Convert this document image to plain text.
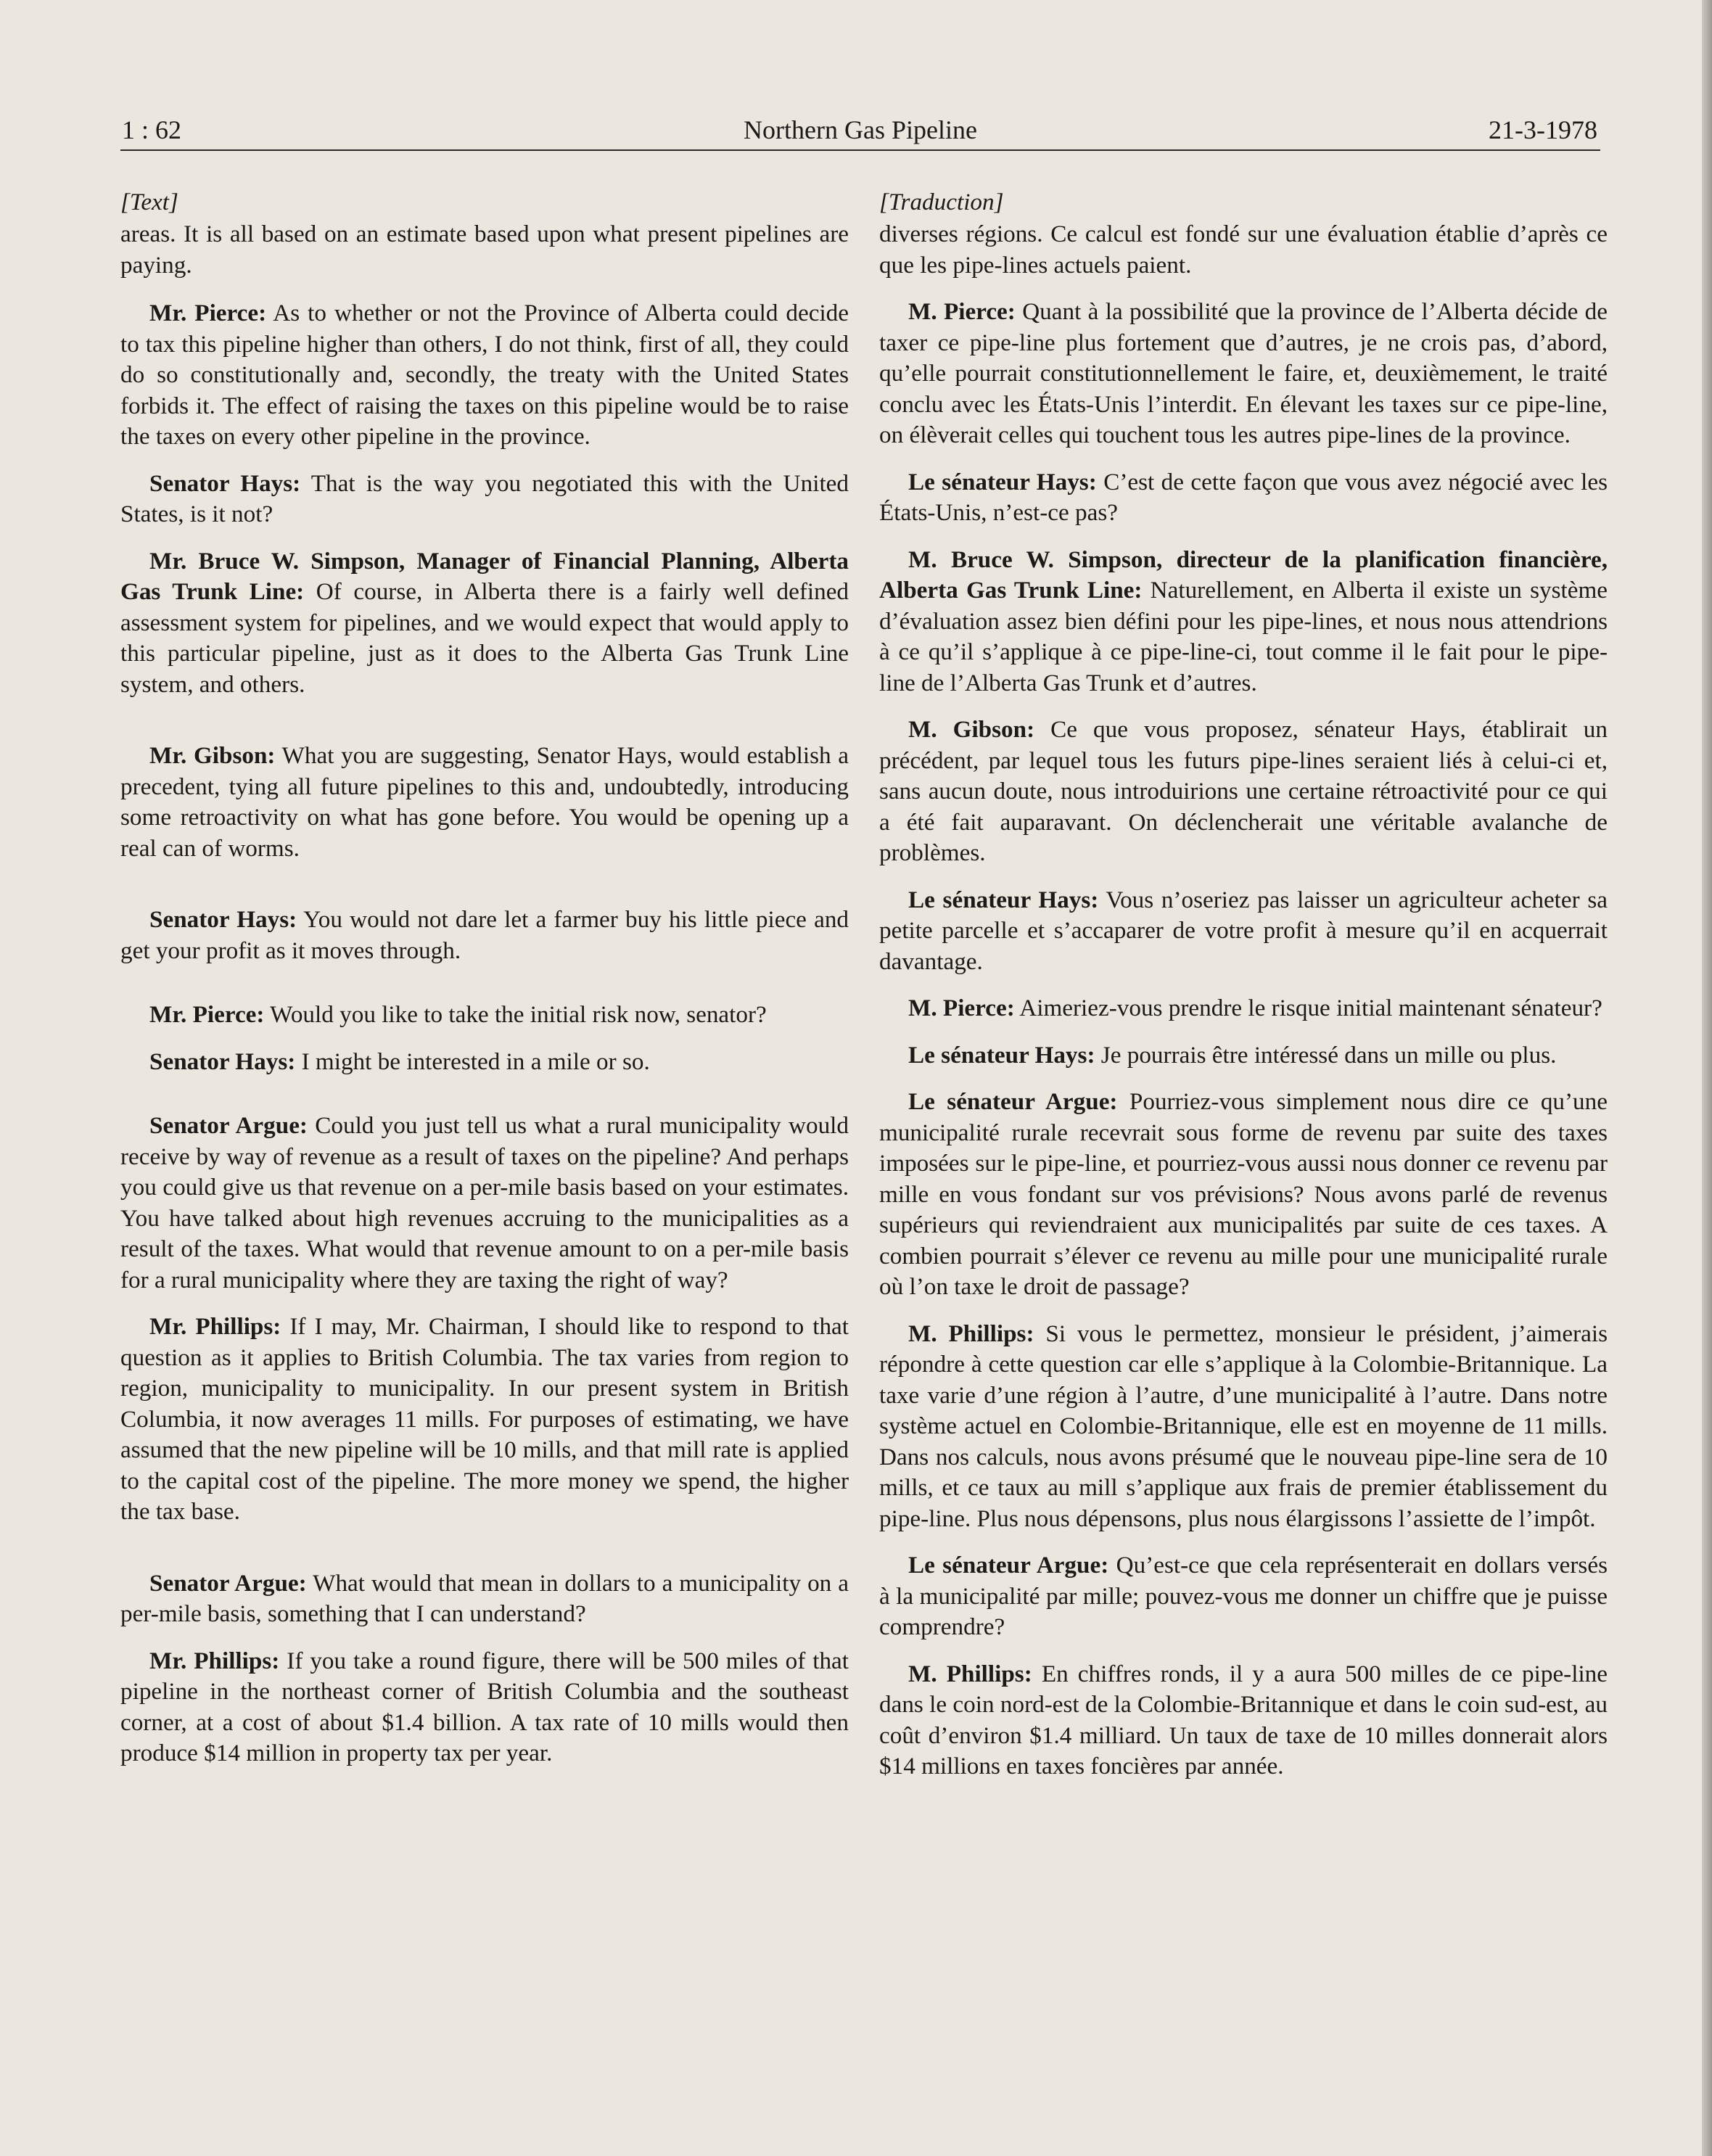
1 : 62	Northern Gas Pipeline	21-3-1978
[Text]

areas. It is all based on an estimate based upon what present pipelines are paying.

Mr. Pierce: As to whether or not the Province of Alberta could decide to tax this pipeline higher than others, I do not think, first of all, they could do so constitutionally and, secondly, the treaty with the United States forbids it. The effect of raising the taxes on this pipeline would be to raise the taxes on every other pipeline in the province.

Senator Hays: That is the way you negotiated this with the United States, is it not?

Mr. Bruce W. Simpson, Manager of Financial Planning, Alberta Gas Trunk Line: Of course, in Alberta there is a fairly well defined assessment system for pipelines, and we would expect that would apply to this particular pipeline, just as it does to the Alberta Gas Trunk Line system, and others.

Mr. Gibson: What you are suggesting, Senator Hays, would establish a precedent, tying all future pipelines to this and, undoubtedly, introducing some retroactivity on what has gone before. You would be opening up a real can of worms.

Senator Hays: You would not dare let a farmer buy his little piece and get your profit as it moves through.

Mr. Pierce: Would you like to take the initial risk now, senator?

Senator Hays: I might be interested in a mile or so.

Senator Argue: Could you just tell us what a rural municipality would receive by way of revenue as a result of taxes on the pipeline? And perhaps you could give us that revenue on a per-mile basis based on your estimates. You have talked about high revenues accruing to the municipalities as a result of the taxes. What would that revenue amount to on a per-mile basis for a rural municipality where they are taxing the right of way?

Mr. Phillips: If I may, Mr. Chairman, I should like to respond to that question as it applies to British Columbia. The tax varies from region to region, municipality to municipality. In our present system in British Columbia, it now averages 11 mills. For purposes of estimating, we have assumed that the new pipeline will be 10 mills, and that mill rate is applied to the capital cost of the pipeline. The more money we spend, the higher the tax base.

Senator Argue: What would that mean in dollars to a municipality on a per-mile basis, something that I can understand?

Mr. Phillips: If you take a round figure, there will be 500 miles of that pipeline in the northeast corner of British Columbia and the southeast corner, at a cost of about $1.4 billion. A tax rate of 10 mills would then produce $14 million in property tax per year.

[Traduction]

diverses régions. Ce calcul est fondé sur une évaluation établie d’après ce que les pipe-lines actuels paient.

M. Pierce: Quant à la possibilité que la province de l’Alberta décide de taxer ce pipe-line plus fortement que d’autres, je ne crois pas, d’abord, qu’elle pourrait constitutionnellement le faire, et, deuxièmement, le traité conclu avec les États-Unis l’interdit. En élevant les taxes sur ce pipe-line, on élèverait celles qui touchent tous les autres pipe-lines de la province.

Le sénateur Hays: C’est de cette façon que vous avez négocié avec les États-Unis, n’est-ce pas?

M. Bruce W. Simpson, directeur de la planification financière, Alberta Gas Trunk Line: Naturellement, en Alberta il existe un système d’évaluation assez bien défini pour les pipe-lines, et nous nous attendrions à ce qu’il s’applique à ce pipe-line-ci, tout comme il le fait pour le pipe-line de l’Alberta Gas Trunk et d’autres.

M. Gibson: Ce que vous proposez, sénateur Hays, établirait un précédent, par lequel tous les futurs pipe-lines seraient liés à celui-ci et, sans aucun doute, nous introduirions une certaine rétroactivité pour ce qui a été fait auparavant. On déclencherait une véritable avalanche de problèmes.

Le sénateur Hays: Vous n’oseriez pas laisser un agriculteur acheter sa petite parcelle et s’accaparer de votre profit à mesure qu’il en acquerrait davantage.

M. Pierce: Aimeriez-vous prendre le risque initial maintenant sénateur?

Le sénateur Hays: Je pourrais être intéressé dans un mille ou plus.

Le sénateur Argue: Pourriez-vous simplement nous dire ce qu’une municipalité rurale recevrait sous forme de revenu par suite des taxes imposées sur le pipe-line, et pourriez-vous aussi nous donner ce revenu par mille en vous fondant sur vos prévisions? Nous avons parlé de revenus supérieurs qui reviendraient aux municipalités par suite de ces taxes. A combien pourrait s’élever ce revenu au mille pour une municipalité rurale où l’on taxe le droit de passage?

M. Phillips: Si vous le permettez, monsieur le président, j’aimerais répondre à cette question car elle s’applique à la Colombie-Britannique. La taxe varie d’une région à l’autre, d’une municipalité à l’autre. Dans notre système actuel en Colombie-Britannique, elle est en moyenne de 11 mills. Dans nos calculs, nous avons présumé que le nouveau pipe-line sera de 10 mills, et ce taux au mill s’applique aux frais de premier établissement du pipe-line. Plus nous dépensons, plus nous élargissons l’assiette de l’impôt.

Le sénateur Argue: Qu’est-ce que cela représenterait en dollars versés à la municipalité par mille; pouvez-vous me donner un chiffre que je puisse comprendre?

M. Phillips: En chiffres ronds, il y a aura 500 milles de ce pipe-line dans le coin nord-est de la Colombie-Britannique et dans le coin sud-est, au coût d’environ $1.4 milliard. Un taux de taxe de 10 milles donnerait alors $14 millions en taxes foncières par année.
